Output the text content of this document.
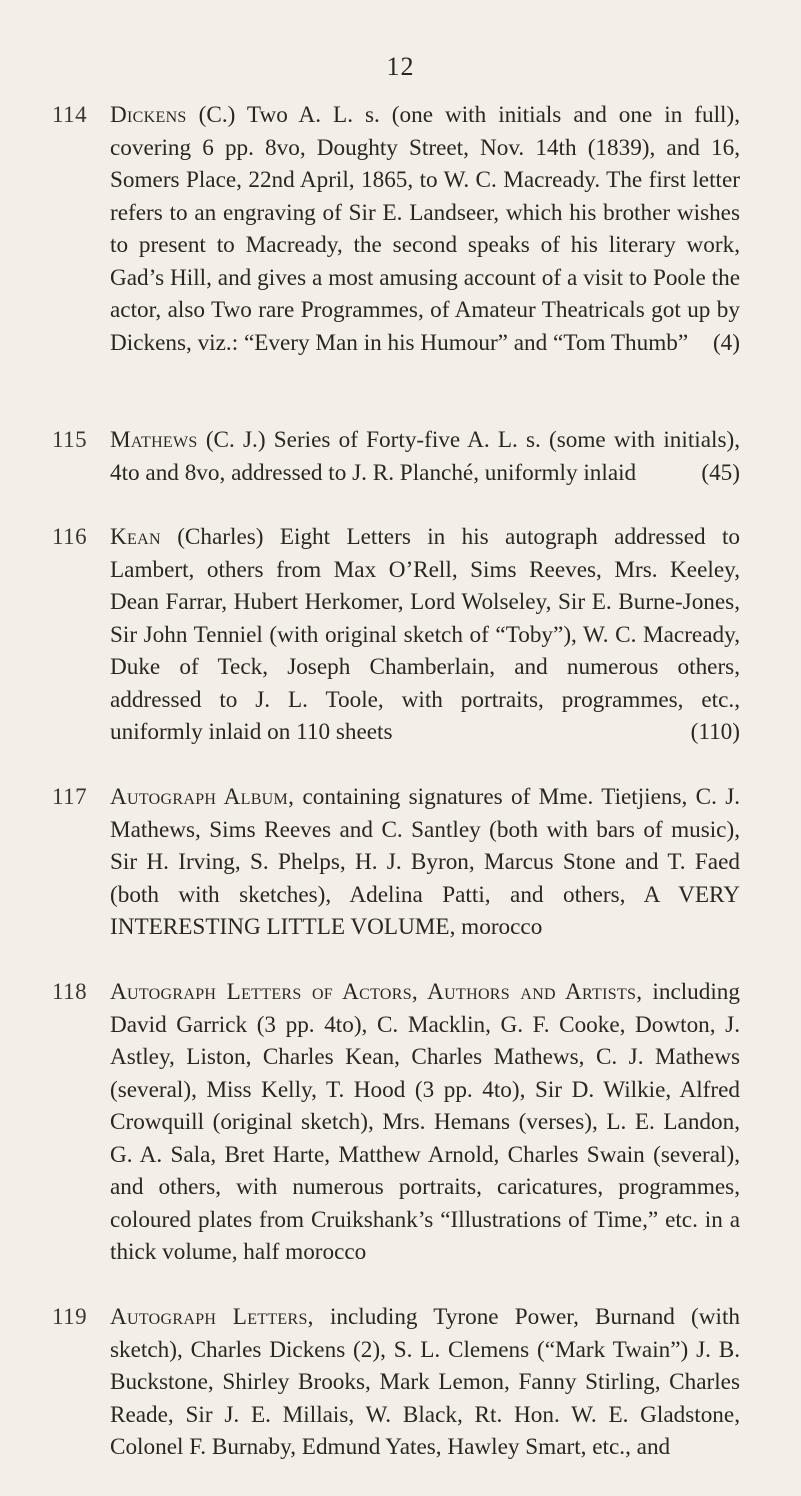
12
114 Dickens (C.) Two A. L. s. (one with initials and one in full), covering 6 pp. 8vo, Doughty Street, Nov. 14th (1839), and 16, Somers Place, 22nd April, 1865, to W. C. Macready. The first letter refers to an engraving of Sir E. Landseer, which his brother wishes to present to Macready, the second speaks of his literary work, Gad’s Hill, and gives a most amusing account of a visit to Poole the actor, also Two rare Programmes, of Amateur Theatricals got up by Dickens, viz.: “Every Man in his Humour” and “Tom Thumb” (4)

115 Mathews (C. J.) Series of Forty-five A. L. s. (some with initials), 4to and 8vo, addressed to J. R. Planché, uniformly inlaid	(45)

116 Kean (Charles) Eight Letters in his autograph addressed to Lambert, others from Max O’Rell, Sims Reeves, Mrs. Keeley, Dean Farrar, Hubert Herkomer, Lord Wolseley, Sir E. Burne-Jones, Sir John Tenniel (with original sketch of “Toby”), W. C. Macready, Duke of Teck, Joseph Chamberlain, and numerous others, addressed to J. L. Toole, with portraits, programmes, etc., uniformly inlaid on 110 sheets	(110)

117 Autograph Album, containing signatures of Mme. Tietjiens, C. J. Mathews, Sims Reeves and C. Santley (both with bars of music), Sir H. Irving, S. Phelps, H. J. Byron, Marcus Stone and T. Faed (both with sketches), Adelina Patti, and others, A VERY INTERESTING LITTLE VOLUME, morocco

118 Autograph Letters of Actors, Authors and Artists, including David Garrick (3 pp. 4to), C. Macklin, G. F. Cooke, Dowton, J. Astley, Liston, Charles Kean, Charles Mathews, C. J. Mathews (several), Miss Kelly, T. Hood (3 pp. 4to), Sir D. Wilkie, Alfred Crowquill (original sketch), Mrs. Hemans (verses), L. E. Landon, G. A. Sala, Bret Harte, Matthew Arnold, Charles Swain (several), and others, with numerous portraits, caricatures, programmes, coloured plates from Cruikshank’s “Illustrations of Time,” etc. in a thick volume, half morocco

119 Autograph Letters, including Tyrone Power, Burnand (with sketch), Charles Dickens (2), S. L. Clemens (“Mark Twain”) J. B. Buckstone, Shirley Brooks, Mark Lemon, Fanny Stirling, Charles Reade, Sir J. E. Millais, W. Black, Rt. Hon. W. E. Gladstone, Colonel F. Burnaby, Edmund Yates, Hawley Smart, etc., and
